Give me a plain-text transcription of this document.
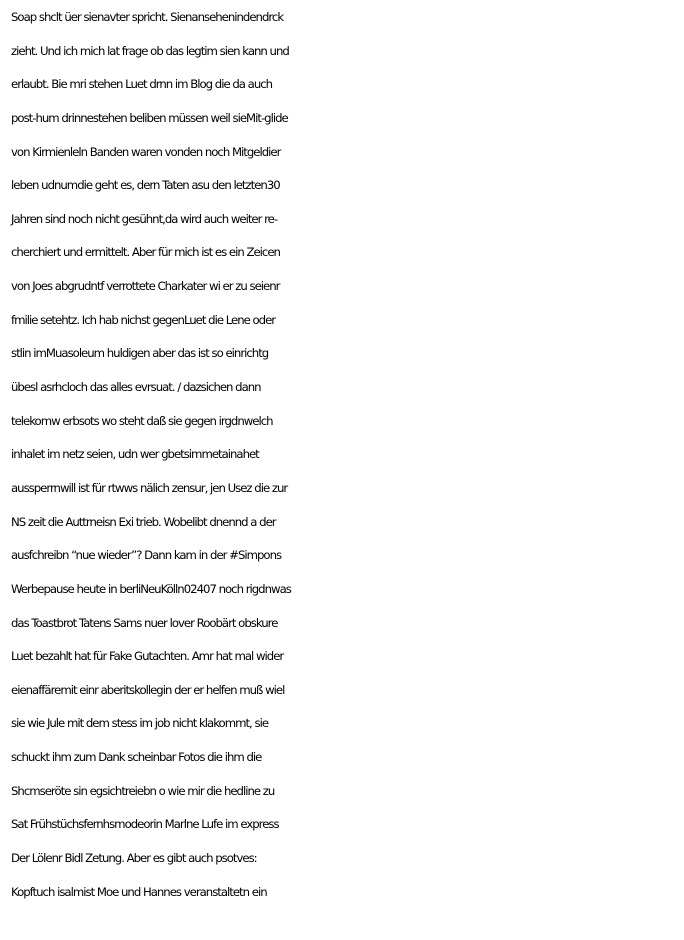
Soap shclt üer sienavter spricht. Sienansehenindendrck
zieht. Und ich mich lat frage ob das legtim sien kann und
erlaubt. Bie mri stehen Luet drnn im Blog die da auch
post-hum drinnestehen beliben müssen weil sieMit-glide
von Kirmienleln Banden waren vonden noch Mitgeldier
leben udnumdie geht es, dern Taten asu den letzten30
Jahren sind noch nicht gesühnt,da wird auch weiter re-
cherchiert und ermittelt. Aber für mich ist es ein Zeicen
von Joes abgrudntf verrottete Charkater wi er zu seienr
fmilie setehtz. Ich hab nichst gegenLuet die Lene oder
stlin imMuasoleum huldigen aber das ist so einrichtg
übesl asrhcloch das alles evrsuat. / dazsichen dann
telekomw erbsots wo steht daß sie gegen irgdnwelch
inhalet im netz seien, udn wer gbetsimmetainahet
aussperrnwill ist für rtwws nälich zensur, jen Usez die zur
NS zeit die Auttrneisn Exi trieb. Wobelibt dnennd a der
ausfchreibn “nue wieder”? Dann kam in der #Simpons
Werbepause heute in berliNeuKölln02407 noch rigdnwas
das Toastbrot Tatens Sams nuer lover Roobärt obskure
Luet bezahlt hat für Fake Gutachten. Amr hat mal wider
eienaffäremit einr aberitskollegin der er helfen muß wiel
sie wie Jule mit dem stess im job nicht klakommt, sie
schuckt ihm zum Dank scheinbar Fotos die ihm die
Shcmseröte sin egsichtreiebn o wie mir die hedline zu
Sat Frühstüchsfernhsmodeorin Marlne Lufe im express
Der Lölenr Bidl Zetung. Aber es gibt auch psotves:
Kopftuch isalmist Moe und Hannes veranstaltetn ein
